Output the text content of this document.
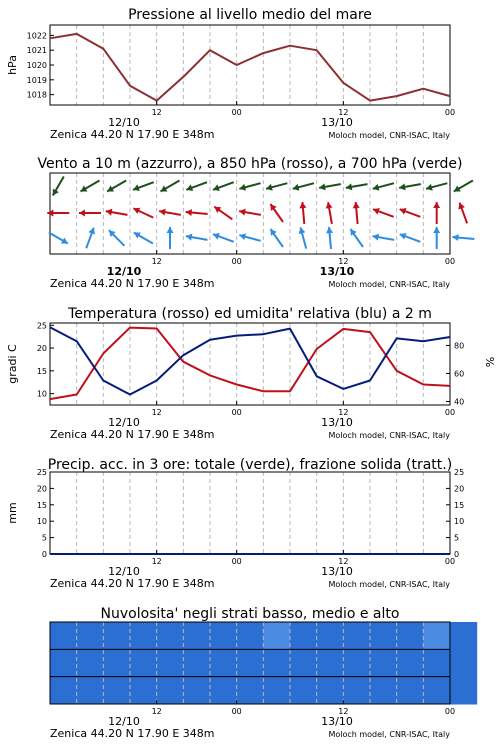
Pressione al livello medio del mare
1022
1021
1020
1019
1018
hPa
12	00	12	00
12/10	13/10
Zenica 44.20 N 17.90 E 348m	Moloch model, CNR-ISAC, Italy
Vento a 10 m (azzurro), a 850 hPa (rosso), a 700 hPa (verde)
12	00	12	00
12/10	13/10
Zenica 44.20 N 17.90 E 348m	Moloch model, CNR-ISAC, Italy
Temperatura (rosso) ed umidita' relativa (blu) a 2 m
25
20
15
10
80
60
40
gradi C	%
12	00	12	00
12/10	13/10
Zenica 44.20 N 17.90 E 348m	Moloch model, CNR-ISAC, Italy
Precip. acc. in 3 ore: totale (verde), frazione solida (tratt.)
25
20
15
10
5
0
25
20
15
10
5
0
mm
12	00	12	00
12/10	13/10
Zenica 44.20 N 17.90 E 348m	Moloch model, CNR-ISAC, Italy
Nuvolosita' negli strati basso, medio e alto
12	00	12	00
12/10	13/10
Zenica 44.20 N 17.90 E 348m	Moloch model, CNR-ISAC, Italy
